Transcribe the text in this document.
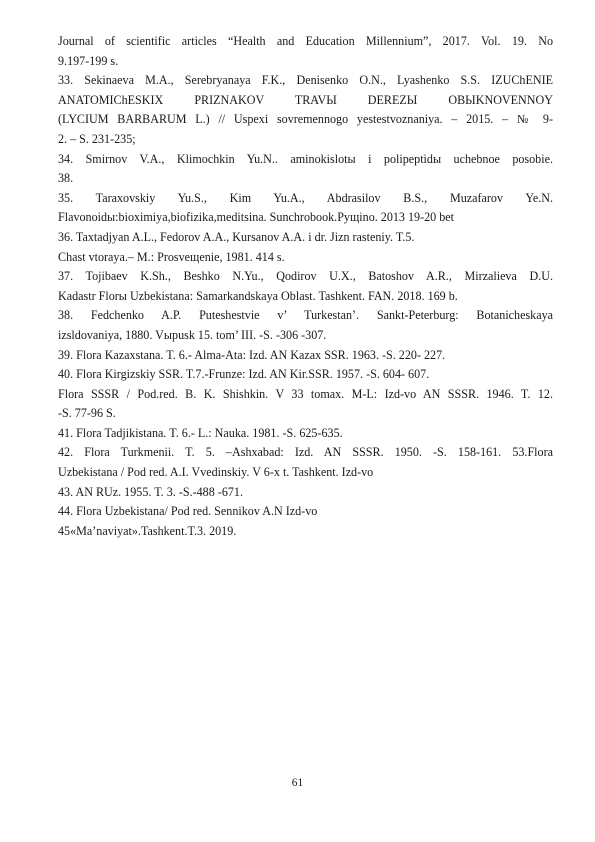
Journal of scientific articles “Health and Education Millennium”, 2017. Vol. 19. No
9.197-199 s.
33. Sekinaeva M.A., Serebryanaya F.K., Denisenko O.N., Lyashenko S.S. IZUChENIE
ANATOMIChESKIX PRIZNAKOV TRAVЫ DEREZЫ OBЫKNOVENNOY
(LYCIUM BARBARUM L.) // Uspexi sovremennogo yestestvoznaniya. – 2015. – № 9-
2. – S. 231-235;
34. Smirnov V.A., Klimochkin Yu.N.. aminokislotы i polipeptidы uchebnoe posobie.
38.
35. Taraxovskiy Yu.S., Kim Yu.A., Abdrasilov B.S., Muzafarov Ye.N.
Flavonoidы:bioximiya,biofizika,meditsina. Sunchrobook.Pущino. 2013 19-20 bet
36. Taxtadjyan A.L., Fedorov A.A., Kursanov A.A. i dr. Jizn rasteniy. T.5.
Chast vtoraya.– M.: Prosveщenie, 1981. 414 s.
37. Tojibaev K.Sh., Beshko N.Yu., Qodirov U.X., Batoshov A.R., Mirzalieva D.U.
Kadastr Florы Uzbekistana: Samarkandskaya Oblast. Tashkent. FAN. 2018. 169 b.
38. Fedchenko A.P. Puteshestvie v’ Turkestan’. Sankt-Peterburg: Botanicheskaya
izsldovaniya, 1880. Vыpusk 15. tom’ III. -S. -306 -307.
39. Flora Kazaxstana. T. 6.- Alma-Ata: Izd. AN Kazax SSR. 1963. -S. 220- 227.
40. Flora Kirgizskiy SSR. T.7.-Frunze: Izd. AN Kir.SSR. 1957. -S. 604- 607.
Flora SSSR / Pod.red. B. K. Shishkin. V 33 tomax. M-L: Izd-vo AN SSSR. 1946. T. 12.
-S. 77-96 S.
41. Flora Tadjikistana. T. 6.- L.: Nauka. 1981. -S. 625-635.
42. Flora Turkmenii. T. 5. –Ashxabad: Izd. AN SSSR. 1950. -S. 158-161. 53.Flora
Uzbekistana / Pod red. A.I. Vvedinskiy. V 6-x t. Tashkent. Izd-vo
43. AN RUz. 1955. T. 3. -S.-488 -671.
44. Flora Uzbekistana/ Pod red. Sennikov A.N Izd-vo
45«Ma’naviyat».Tashkent.T.3. 2019.
61
